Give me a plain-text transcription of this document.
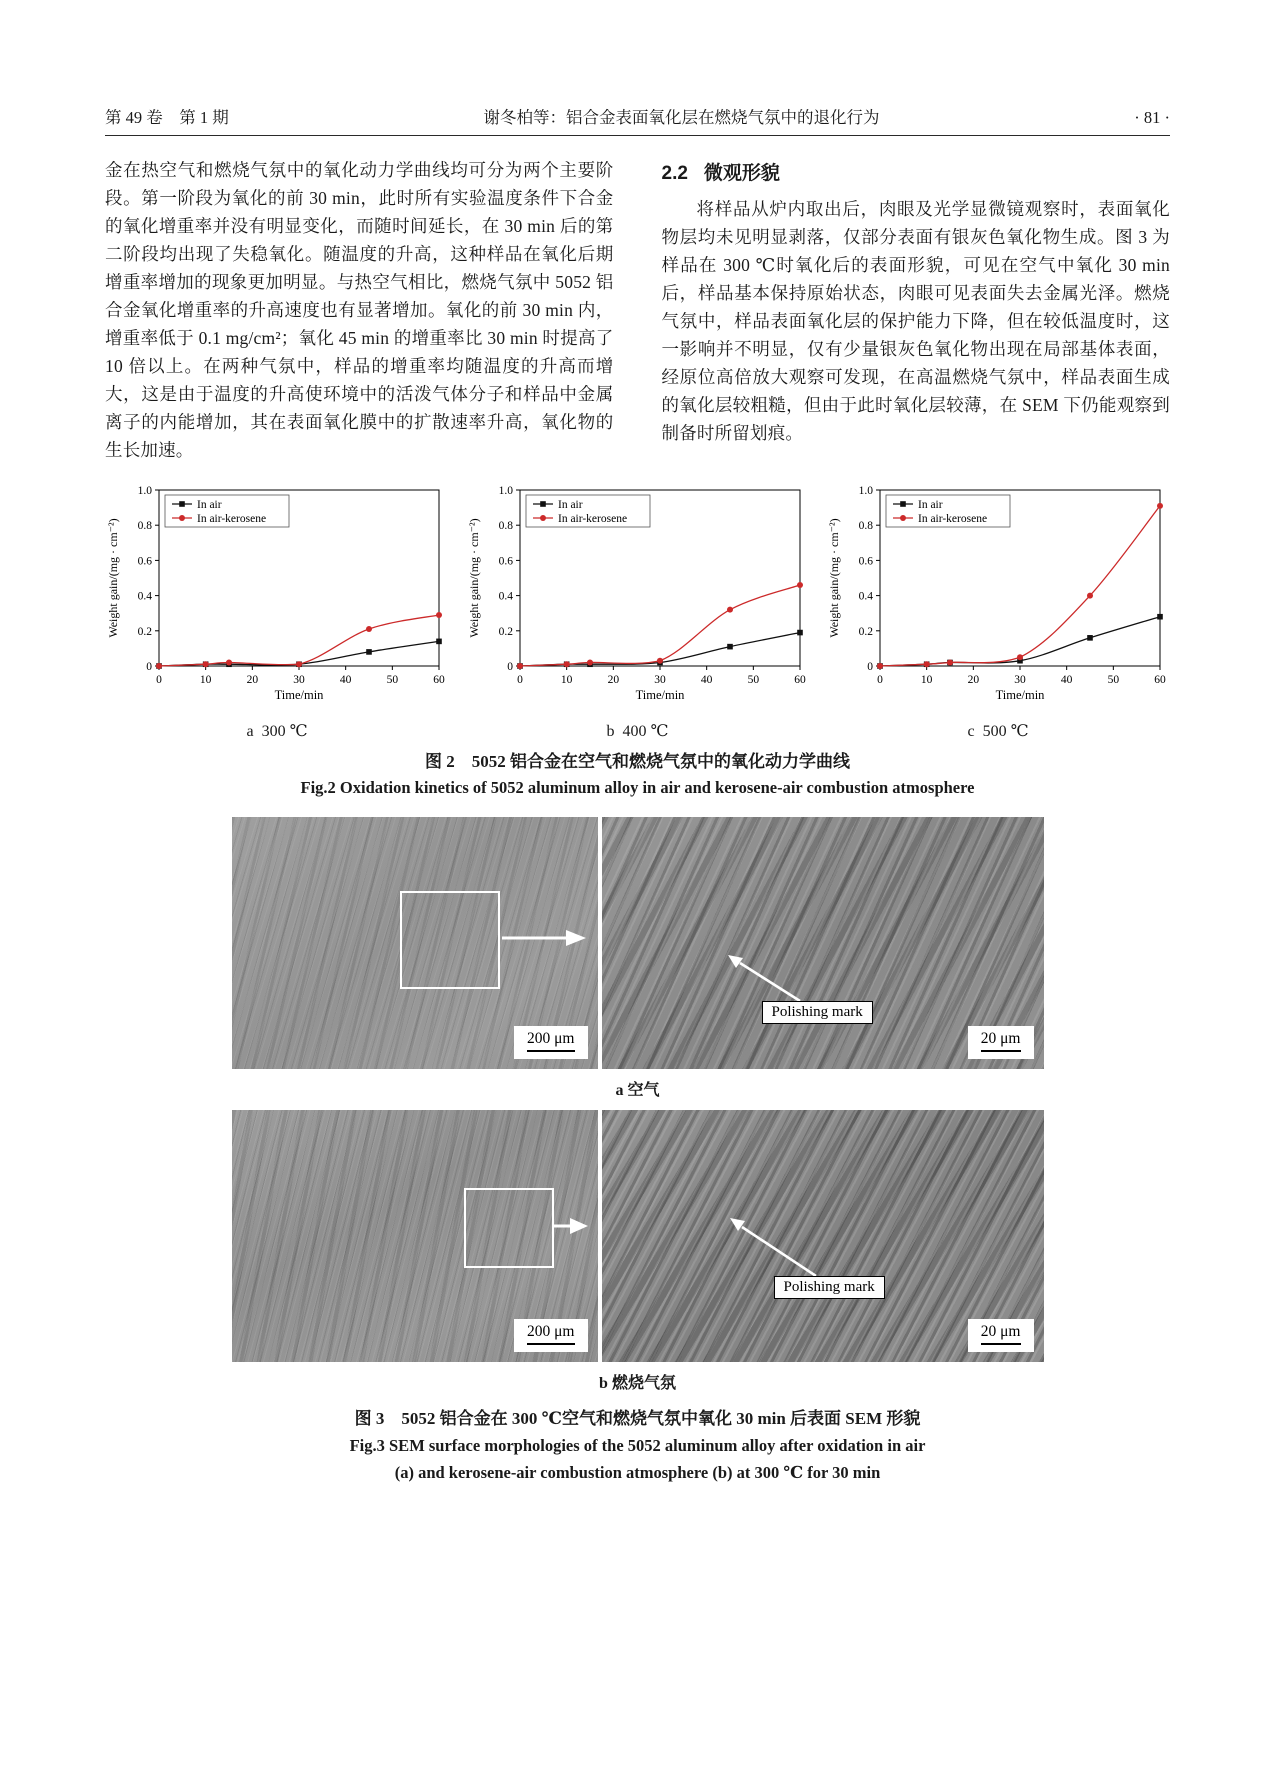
第 49 卷　第 1 期	谢冬柏等：铝合金表面氧化层在燃烧气氛中的退化行为	· 81 ·

金在热空气和燃烧气氛中的氧化动力学曲线均可分为两个主要阶段。第一阶段为氧化的前 30 min，此时所有实验温度条件下合金的氧化增重率并没有明显变化，而随时间延长，在 30 min 后的第二阶段均出现了失稳氧化。随温度的升高，这种样品在氧化后期增重率增加的现象更加明显。与热空气相比，燃烧气氛中 5052 铝合金氧化增重率的升高速度也有显著增加。氧化的前 30 min 内，增重率低于 0.1 mg/cm²；氧化 45 min 的增重率比 30 min 时提高了 10 倍以上。在两种气氛中，样品的增重率均随温度的升高而增大，这是由于温度的升高使环境中的活泼气体分子和样品中金属离子的内能增加，其在表面氧化膜中的扩散速率升高，氧化物的生长加速。

2.2 微观形貌

将样品从炉内取出后，肉眼及光学显微镜观察时，表面氧化物层均未见明显剥落，仅部分表面有银灰色氧化物生成。图 3 为样品在 300 ℃时氧化后的表面形貌，可见在空气中氧化 30 min 后，样品基本保持原始状态，肉眼可见表面失去金属光泽。燃烧气氛中，样品表面氧化层的保护能力下降，但在较低温度时，这一影响并不明显，仅有少量银灰色氧化物出现在局部基体表面，经原位高倍放大观察可发现，在高温燃烧气氛中，样品表面生成的氧化层较粗糙，但由于此时氧化层较薄，在 SEM 下仍能观察到制备时所留划痕。

0
0.2
0.4
0.6
0.8
1.0
0	10	20	30	40	50	60
Time/min
Weight gain/(mg · cm⁻²)
In air
In air-kerosene
a  300 ℃
0
0.2
0.4
0.6
0.8
1.0
0	10	20	30	40	50	60
Time/min
Weight gain/(mg · cm⁻²)
In air
In air-kerosene
b  400 ℃
0
0.2
0.4
0.6
0.8
1.0
0	10	20	30	40	50	60
Time/min
Weight gain/(mg · cm⁻²)
In air
In air-kerosene
c  500 ℃
图 2　5052 铝合金在空气和燃烧气氛中的氧化动力学曲线
Fig.2 Oxidation kinetics of 5052 aluminum alloy in air and kerosene-air combustion atmosphere
200 μm
Polishing mark
20 μm
a 空气
200 μm
Polishing mark
20 μm
b 燃烧气氛
图 3　5052 铝合金在 300 ℃空气和燃烧气氛中氧化 30 min 后表面 SEM 形貌
Fig.3 SEM surface morphologies of the 5052 aluminum alloy after oxidation in air
(a) and kerosene-air combustion atmosphere (b) at 300 ℃ for 30 min
